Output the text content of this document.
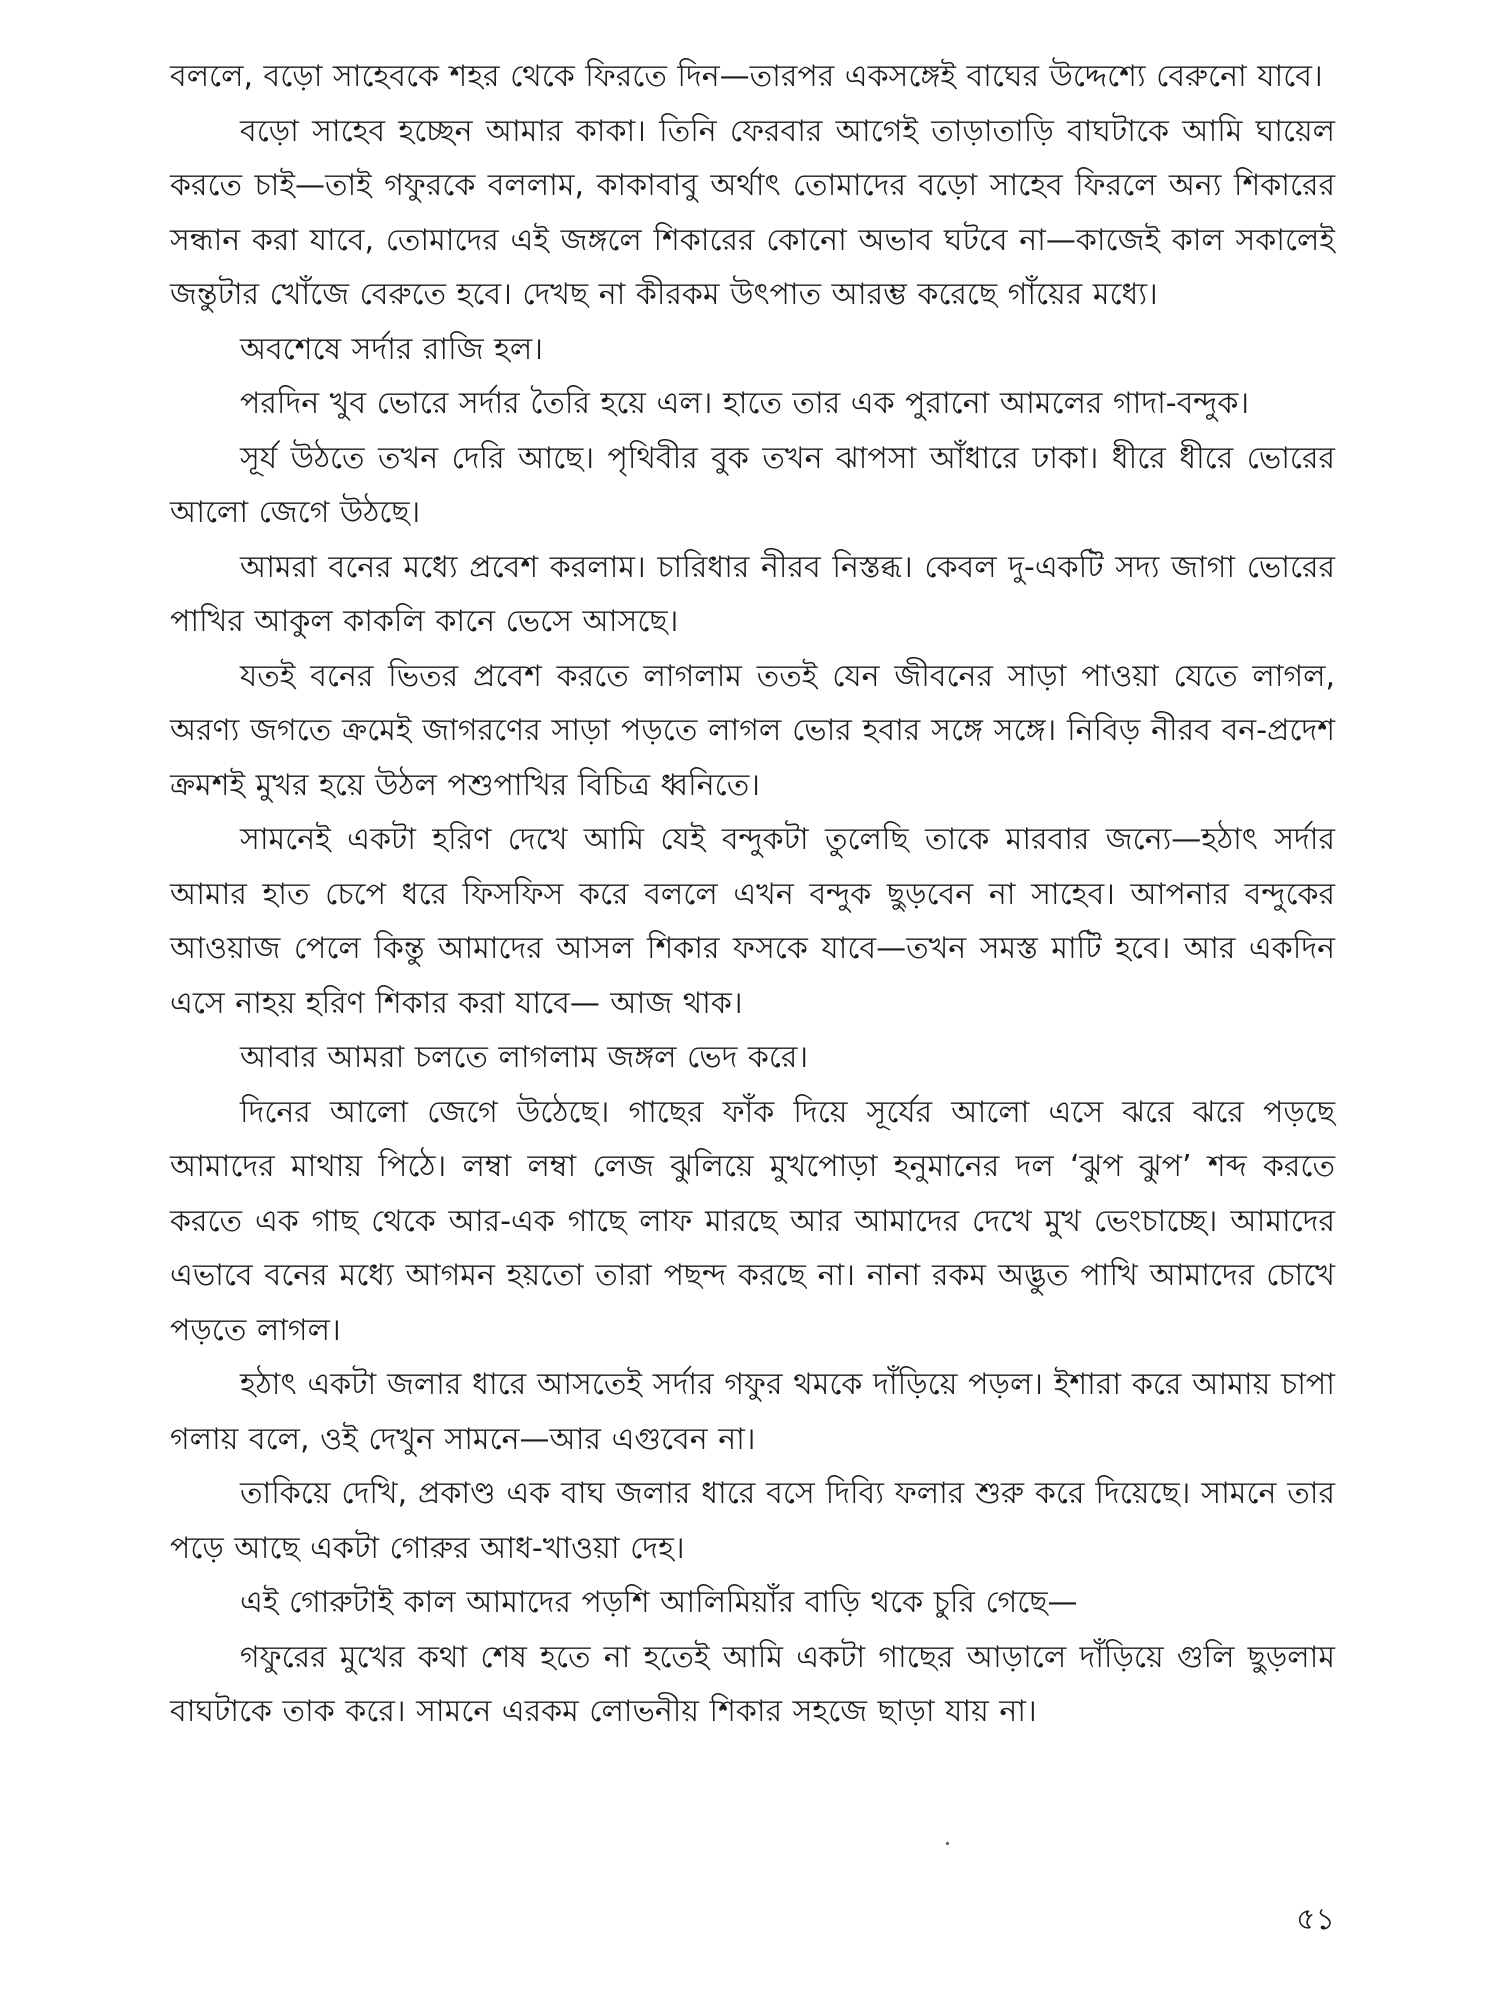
বললে, বড়ো সাহেবকে শহর থেকে ফিরতে দিন—তারপর একসঙ্গেই বাঘের উদ্দেশ্যে বেরুনো যাবে।

বড়ো সাহেব হচ্ছেন আমার কাকা। তিনি ফেরবার আগেই তাড়াতাড়ি বাঘটাকে আমি ঘায়েল করতে চাই—তাই গফুরকে বললাম, কাকাবাবু অর্থাৎ তোমাদের বড়ো সাহেব ফিরলে অন্য শিকারের সন্ধান করা যাবে, তোমাদের এই জঙ্গলে শিকারের কোনো অভাব ঘটবে না—কাজেই কাল সকালেই জন্তুটার খোঁজে বেরুতে হবে। দেখছ না কীরকম উৎপাত আরম্ভ করেছে গাঁয়ের মধ্যে।

অবশেষে সর্দার রাজি হল।

পরদিন খুব ভোরে সর্দার তৈরি হয়ে এল। হাতে তার এক পুরানো আমলের গাদা-বন্দুক।

সূর্য উঠতে তখন দেরি আছে। পৃথিবীর বুক তখন ঝাপসা আঁধারে ঢাকা। ধীরে ধীরে ভোরের আলো জেগে উঠছে।

আমরা বনের মধ্যে প্রবেশ করলাম। চারিধার নীরব নিস্তব্ধ। কেবল দু-একটি সদ্য জাগা ভোরের পাখির আকুল কাকলি কানে ভেসে আসছে।

যতই বনের ভিতর প্রবেশ করতে লাগলাম ততই যেন জীবনের সাড়া পাওয়া যেতে লাগল, অরণ্য জগতে ক্রমেই জাগরণের সাড়া পড়তে লাগল ভোর হবার সঙ্গে সঙ্গে। নিবিড় নীরব বন-প্রদেশ ক্রমশই মুখর হয়ে উঠল পশুপাখির বিচিত্র ধ্বনিতে।

সামনেই একটা হরিণ দেখে আমি যেই বন্দুকটা তুলেছি তাকে মারবার জন্যে—হঠাৎ সর্দার আমার হাত চেপে ধরে ফিসফিস করে বললে এখন বন্দুক ছুড়বেন না সাহেব। আপনার বন্দুকের আওয়াজ পেলে কিন্তু আমাদের আসল শিকার ফসকে যাবে—তখন সমস্ত মাটি হবে। আর একদিন এসে নাহয় হরিণ শিকার করা যাবে— আজ থাক।

আবার আমরা চলতে লাগলাম জঙ্গল ভেদ করে।

দিনের আলো জেগে উঠেছে। গাছের ফাঁক দিয়ে সূর্যের আলো এসে ঝরে ঝরে পড়ছে আমাদের মাথায় পিঠে। লম্বা লম্বা লেজ ঝুলিয়ে মুখপোড়া হনুমানের দল ‘ঝুপ ঝুপ’ শব্দ করতে করতে এক গাছ থেকে আর-এক গাছে লাফ মারছে আর আমাদের দেখে মুখ ভেংচাচ্ছে। আমাদের এভাবে বনের মধ্যে আগমন হয়তো তারা পছন্দ করছে না। নানা রকম অদ্ভুত পাখি আমাদের চোখে পড়তে লাগল।

হঠাৎ একটা জলার ধারে আসতেই সর্দার গফুর থমকে দাঁড়িয়ে পড়ল। ইশারা করে আমায় চাপা গলায় বলে, ওই দেখুন সামনে—আর এগুবেন না।

তাকিয়ে দেখি, প্রকাণ্ড এক বাঘ জলার ধারে বসে দিব্যি ফলার শুরু করে দিয়েছে। সামনে তার পড়ে আছে একটা গোরুর আধ-খাওয়া দেহ।

এই গোরুটাই কাল আমাদের পড়শি আলিমিয়াঁর বাড়ি থকে চুরি গেছে—

গফুরের মুখের কথা শেষ হতে না হতেই আমি একটা গাছের আড়ালে দাঁড়িয়ে গুলি ছুড়লাম বাঘটাকে তাক করে। সামনে এরকম লোভনীয় শিকার সহজে ছাড়া যায় না।

৫১
